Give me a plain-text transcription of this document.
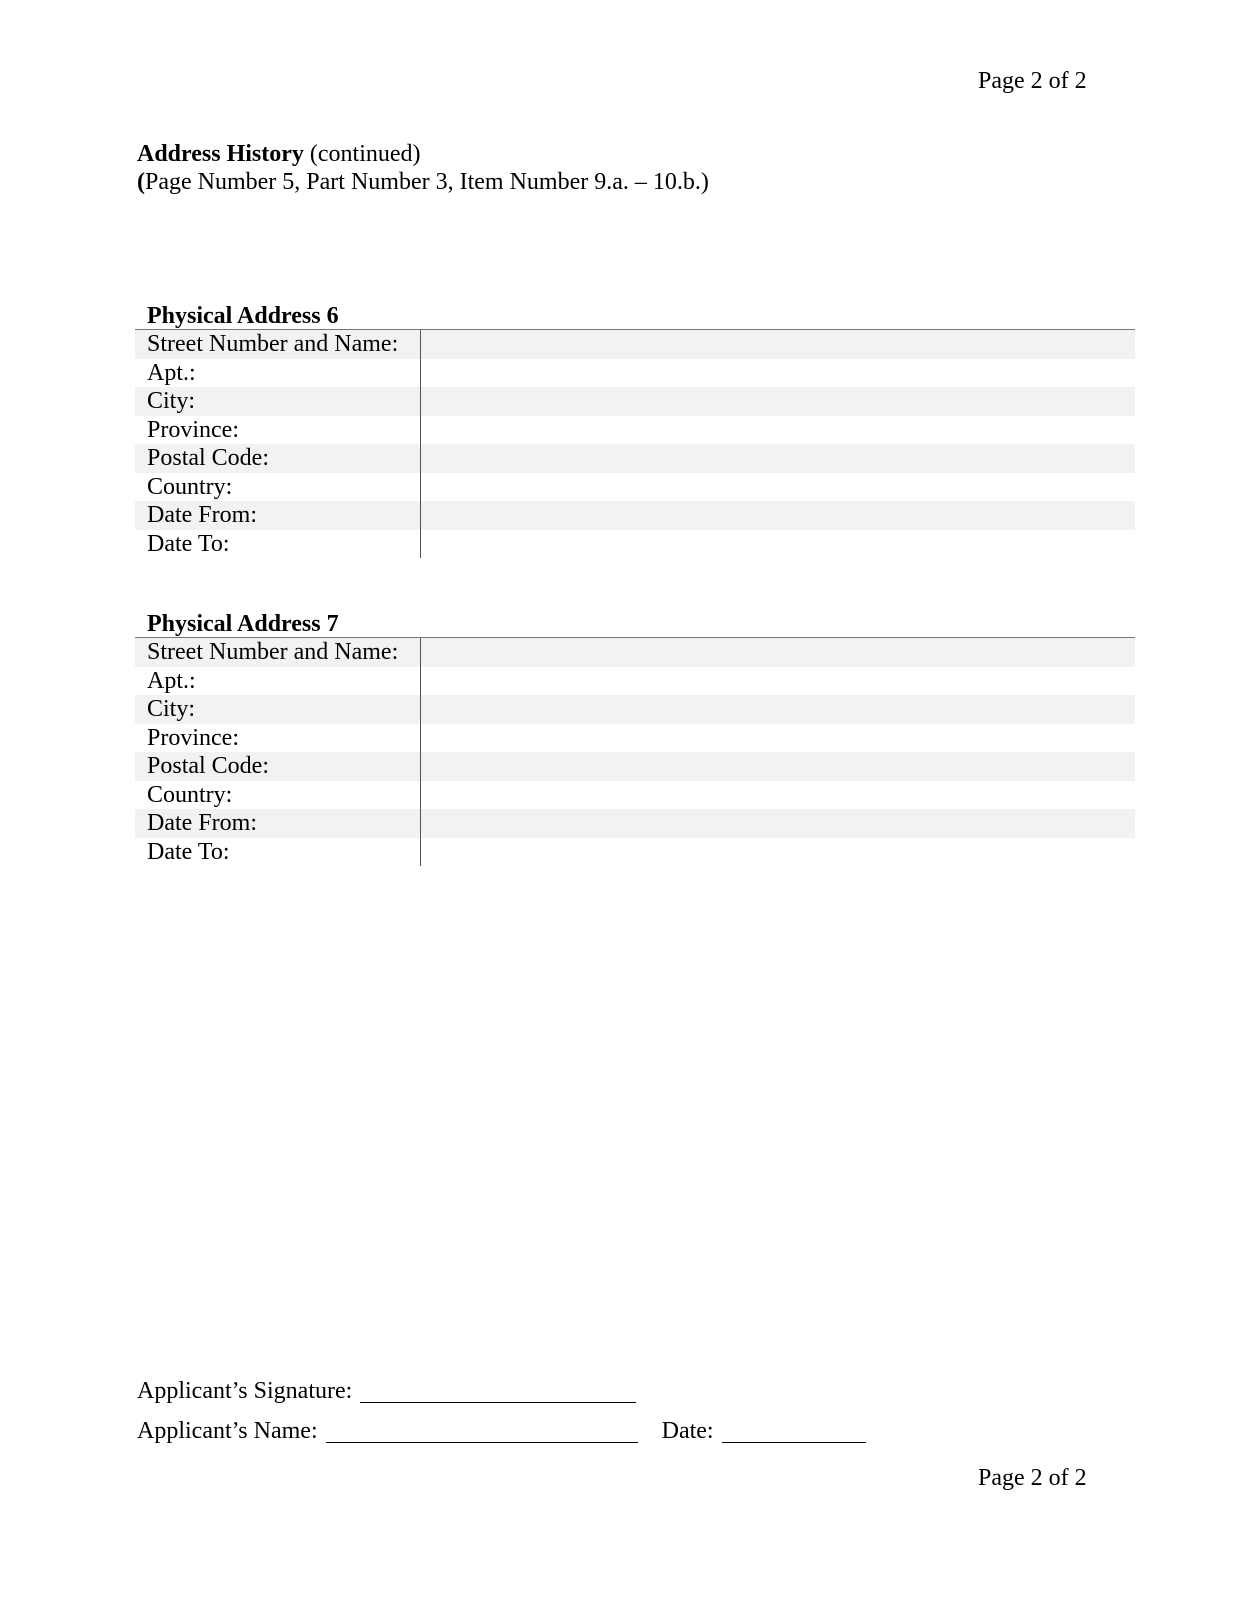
Page 2 of 2
Address History (continued)
(Page Number 5, Part Number 3, Item Number 9.a. – 10.b.)
Physical Address 6
Street Number and Name:
Apt.:
City:
Province:
Postal Code:
Country:
Date From:
Date To:
Physical Address 7
Street Number and Name:
Apt.:
City:
Province:
Postal Code:
Country:
Date From:
Date To:
Applicant’s Signature:
Applicant’s Name:	Date:
Page 2 of 2
